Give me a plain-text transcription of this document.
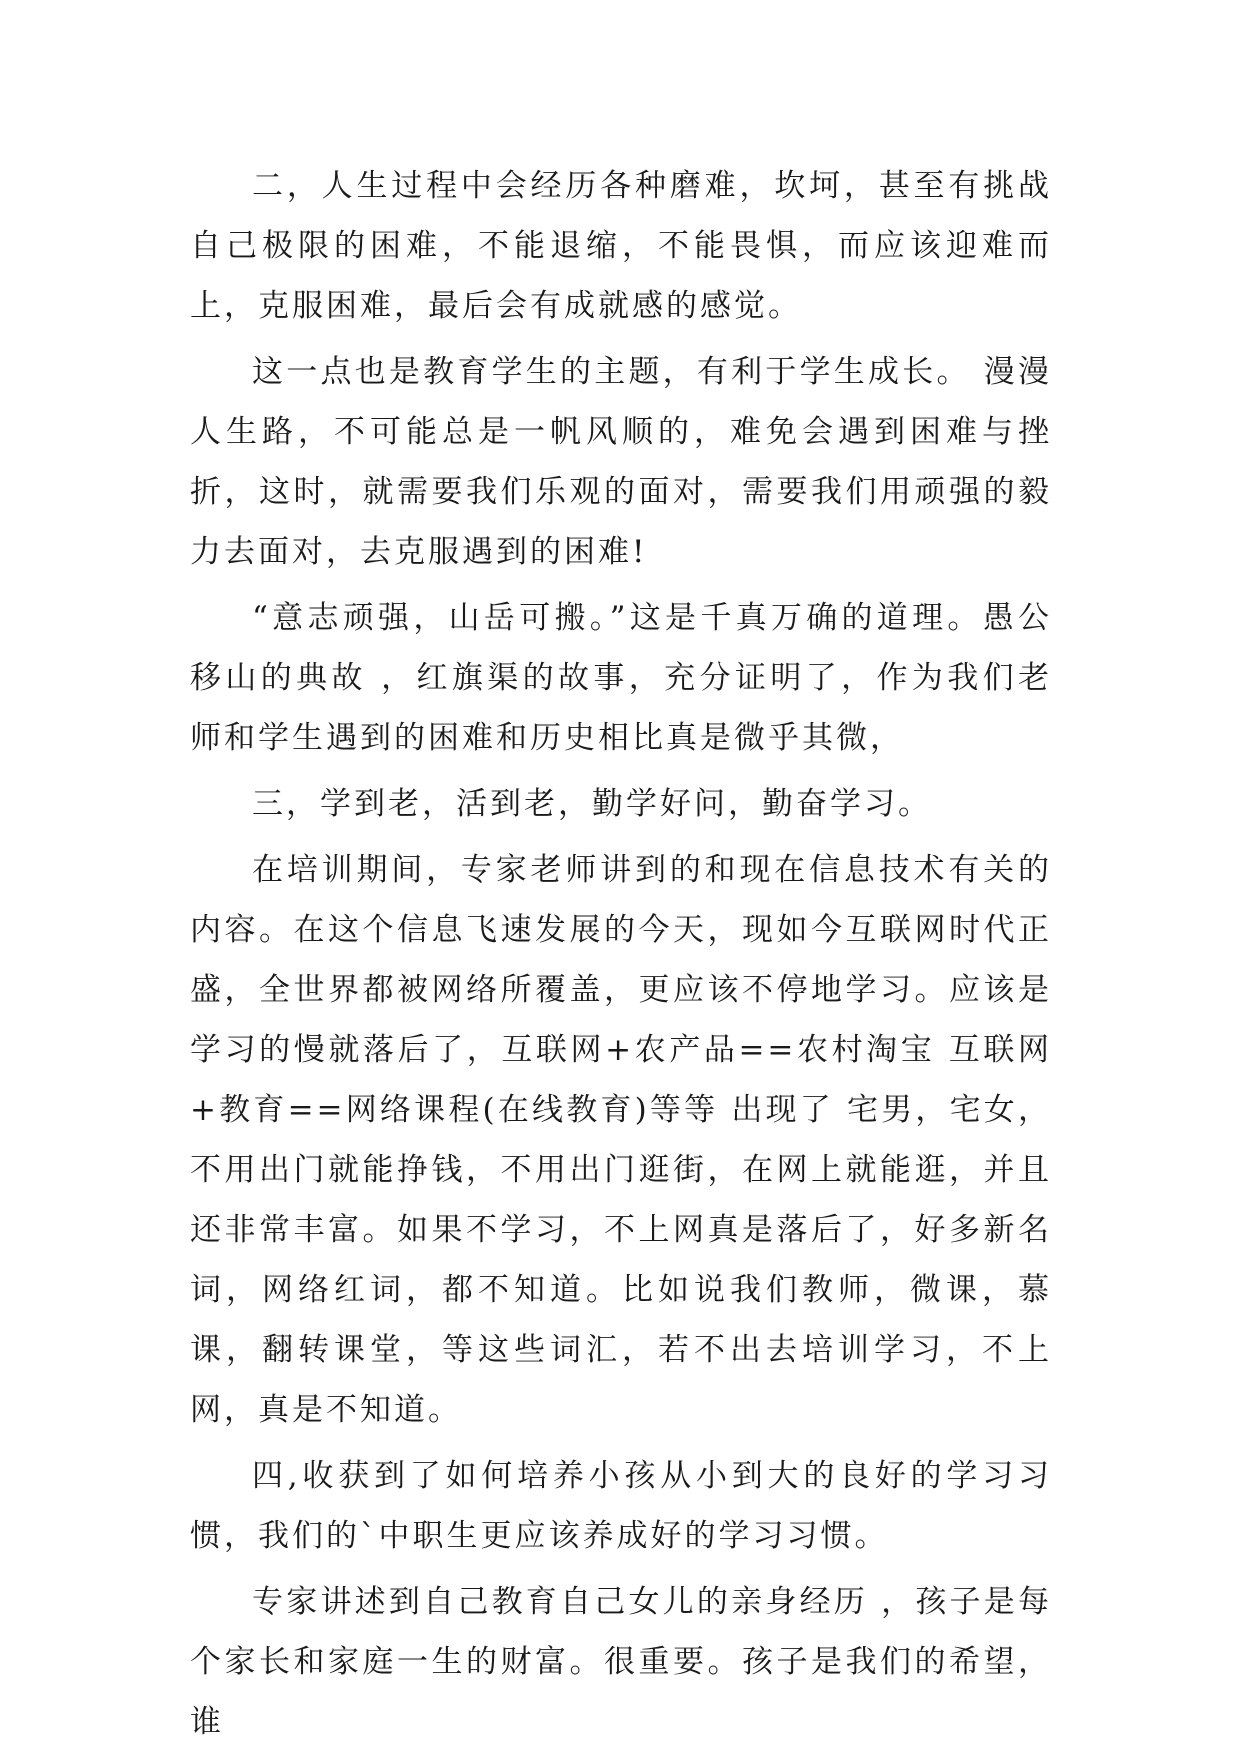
二，人生过程中会经历各种磨难，坎坷，甚至有挑战自己极限的困难，不能退缩，不能畏惧，而应该迎难而上，克服困难，最后会有成就感的感觉。

这一点也是教育学生的主题，有利于学生成长。 漫漫人生路，不可能总是一帆风顺的，难免会遇到困难与挫折，这时，就需要我们乐观的面对，需要我们用顽强的毅力去面对，去克服遇到的困难!

“意志顽强，山岳可搬。”这是千真万确的道理。愚公移山的典故 ，红旗渠的故事，充分证明了，作为我们老师和学生遇到的困难和历史相比真是微乎其微，

三，学到老，活到老，勤学好问，勤奋学习。

在培训期间，专家老师讲到的和现在信息技术有关的内容。在这个信息飞速发展的今天，现如今互联网时代正盛，全世界都被网络所覆盖，更应该不停地学习。应该是学习的慢就落后了，互联网+农产品==农村淘宝 互联网+教育==网络课程(在线教育)等等 出现了 宅男，宅女，不用出门就能挣钱，不用出门逛街，在网上就能逛，并且还非常丰富。如果不学习，不上网真是落后了，好多新名词，网络红词，都不知道。比如说我们教师，微课，慕课，翻转课堂，等这些词汇，若不出去培训学习，不上网，真是不知道。

四,收获到了如何培养小孩从小到大的良好的学习习惯，我们的`中职生更应该养成好的学习习惯。

专家讲述到自己教育自己女儿的亲身经历 ，孩子是每个家长和家庭一生的财富。很重要。孩子是我们的希望，谁
